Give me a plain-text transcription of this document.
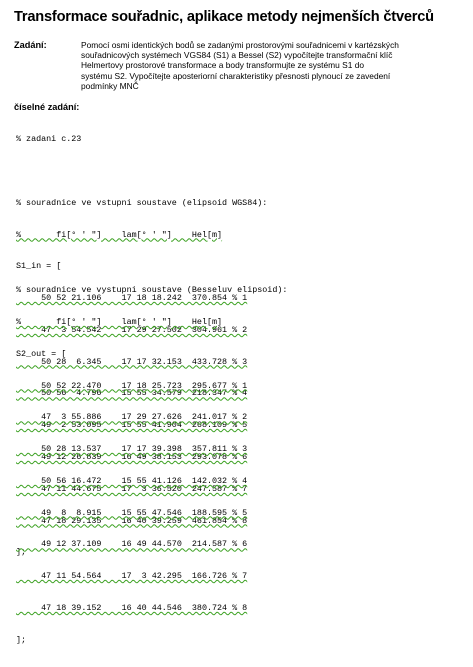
Transformace souřadnic, aplikace metody nejmenších čtverců
Zadání:	Pomocí osmi identických bodů se zadanými prostorovými souřadnicemi v kartézských
souřadnicových systémech VGS84 (S1) a Bessel (S2) vypočítejte transformační klíč
Helmertovy prostorové transformace a body transformujte ze systému S1 do
systému S2. Vypočítejte aposteriorní charakteristiky přesnosti plynoucí ze zavedení
podmínky MNČ
číselné zadání:

% zadani c.23

% souradnice ve vstupni soustave (elipsoid WGS84):

%       fi[° ′ ″]    lam[° ′ ″]    Hel[m]

S1_in = [

50 52 21.106    17 18 18.242  370.854 % 1

47  3 54.542    17 29 27.502  304.961 % 2

50 28  6.345    17 17 32.153  433.728 % 3

50 56  4.796    15 55 34.579  218.347 % 4

49  2 53.095    15 55 41.904  268.109 % 5

49 12 26.839    16 49 38.153  293.078 % 6

47 11 44.675    17  3 36.520  247.587 % 7

47 18 29.135    16 40 39.259  461.854 % 8

];

% souradnice ve vystupni soustave (Besseluv elipsoid):

%       fi[° ′ ″]    lam[° ′ ″]    Hel[m]

S2_out = [

50 52 22.470    17 18 25.723  295.677 % 1

47  3 55.886    17 29 27.626  241.017 % 2

50 28 13.537    17 17 39.398  357.811 % 3

50 56 16.472    15 55 41.126  142.032 % 4

49  8  8.915    15 55 47.546  188.595 % 5

49 12 37.109    16 49 44.570  214.587 % 6

47 11 54.564    17  3 42.295  166.726 % 7

47 18 39.152    16 40 44.546  380.724 % 8

];
